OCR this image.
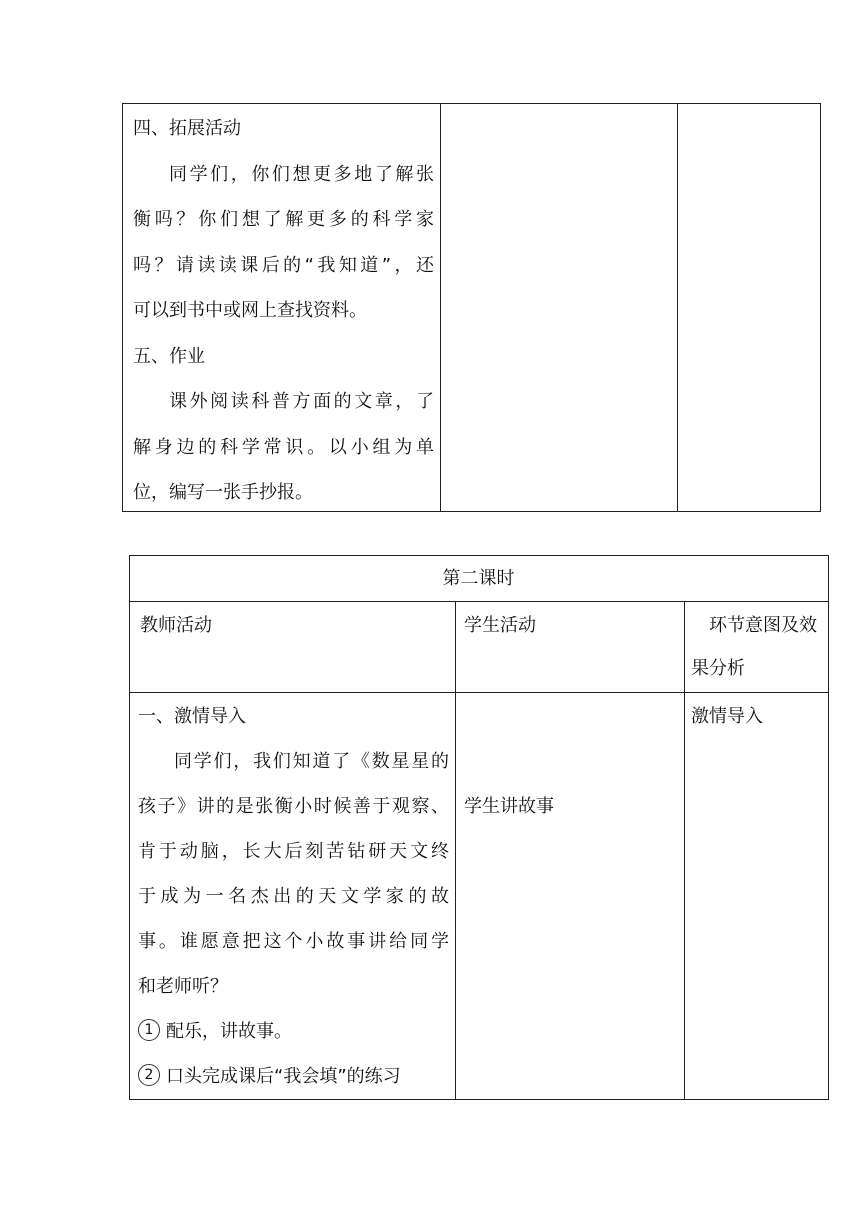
四、拓展活动

同学们，你们想更多地了解张

衡吗？你们想了解更多的科学家

吗？请读读课后的“我知道”，还

可以到书中或网上查找资料。

五、作业

课外阅读科普方面的文章，了

解身边的科学常识。以小组为单

位，编写一张手抄报。

第二课时

教师活动	学生活动	环节意图及效

果分析

一、激情导入

同学们，我们知道了《数星星的

孩子》讲的是张衡小时候善于观察、

肯于动脑，长大后刻苦钻研天文终

于成为一名杰出的天文学家的故

事。谁愿意把这个小故事讲给同学

和老师听？

1 配乐，讲故事。

2 口头完成课后“我会填”的练习

学生讲故事

激情导入
